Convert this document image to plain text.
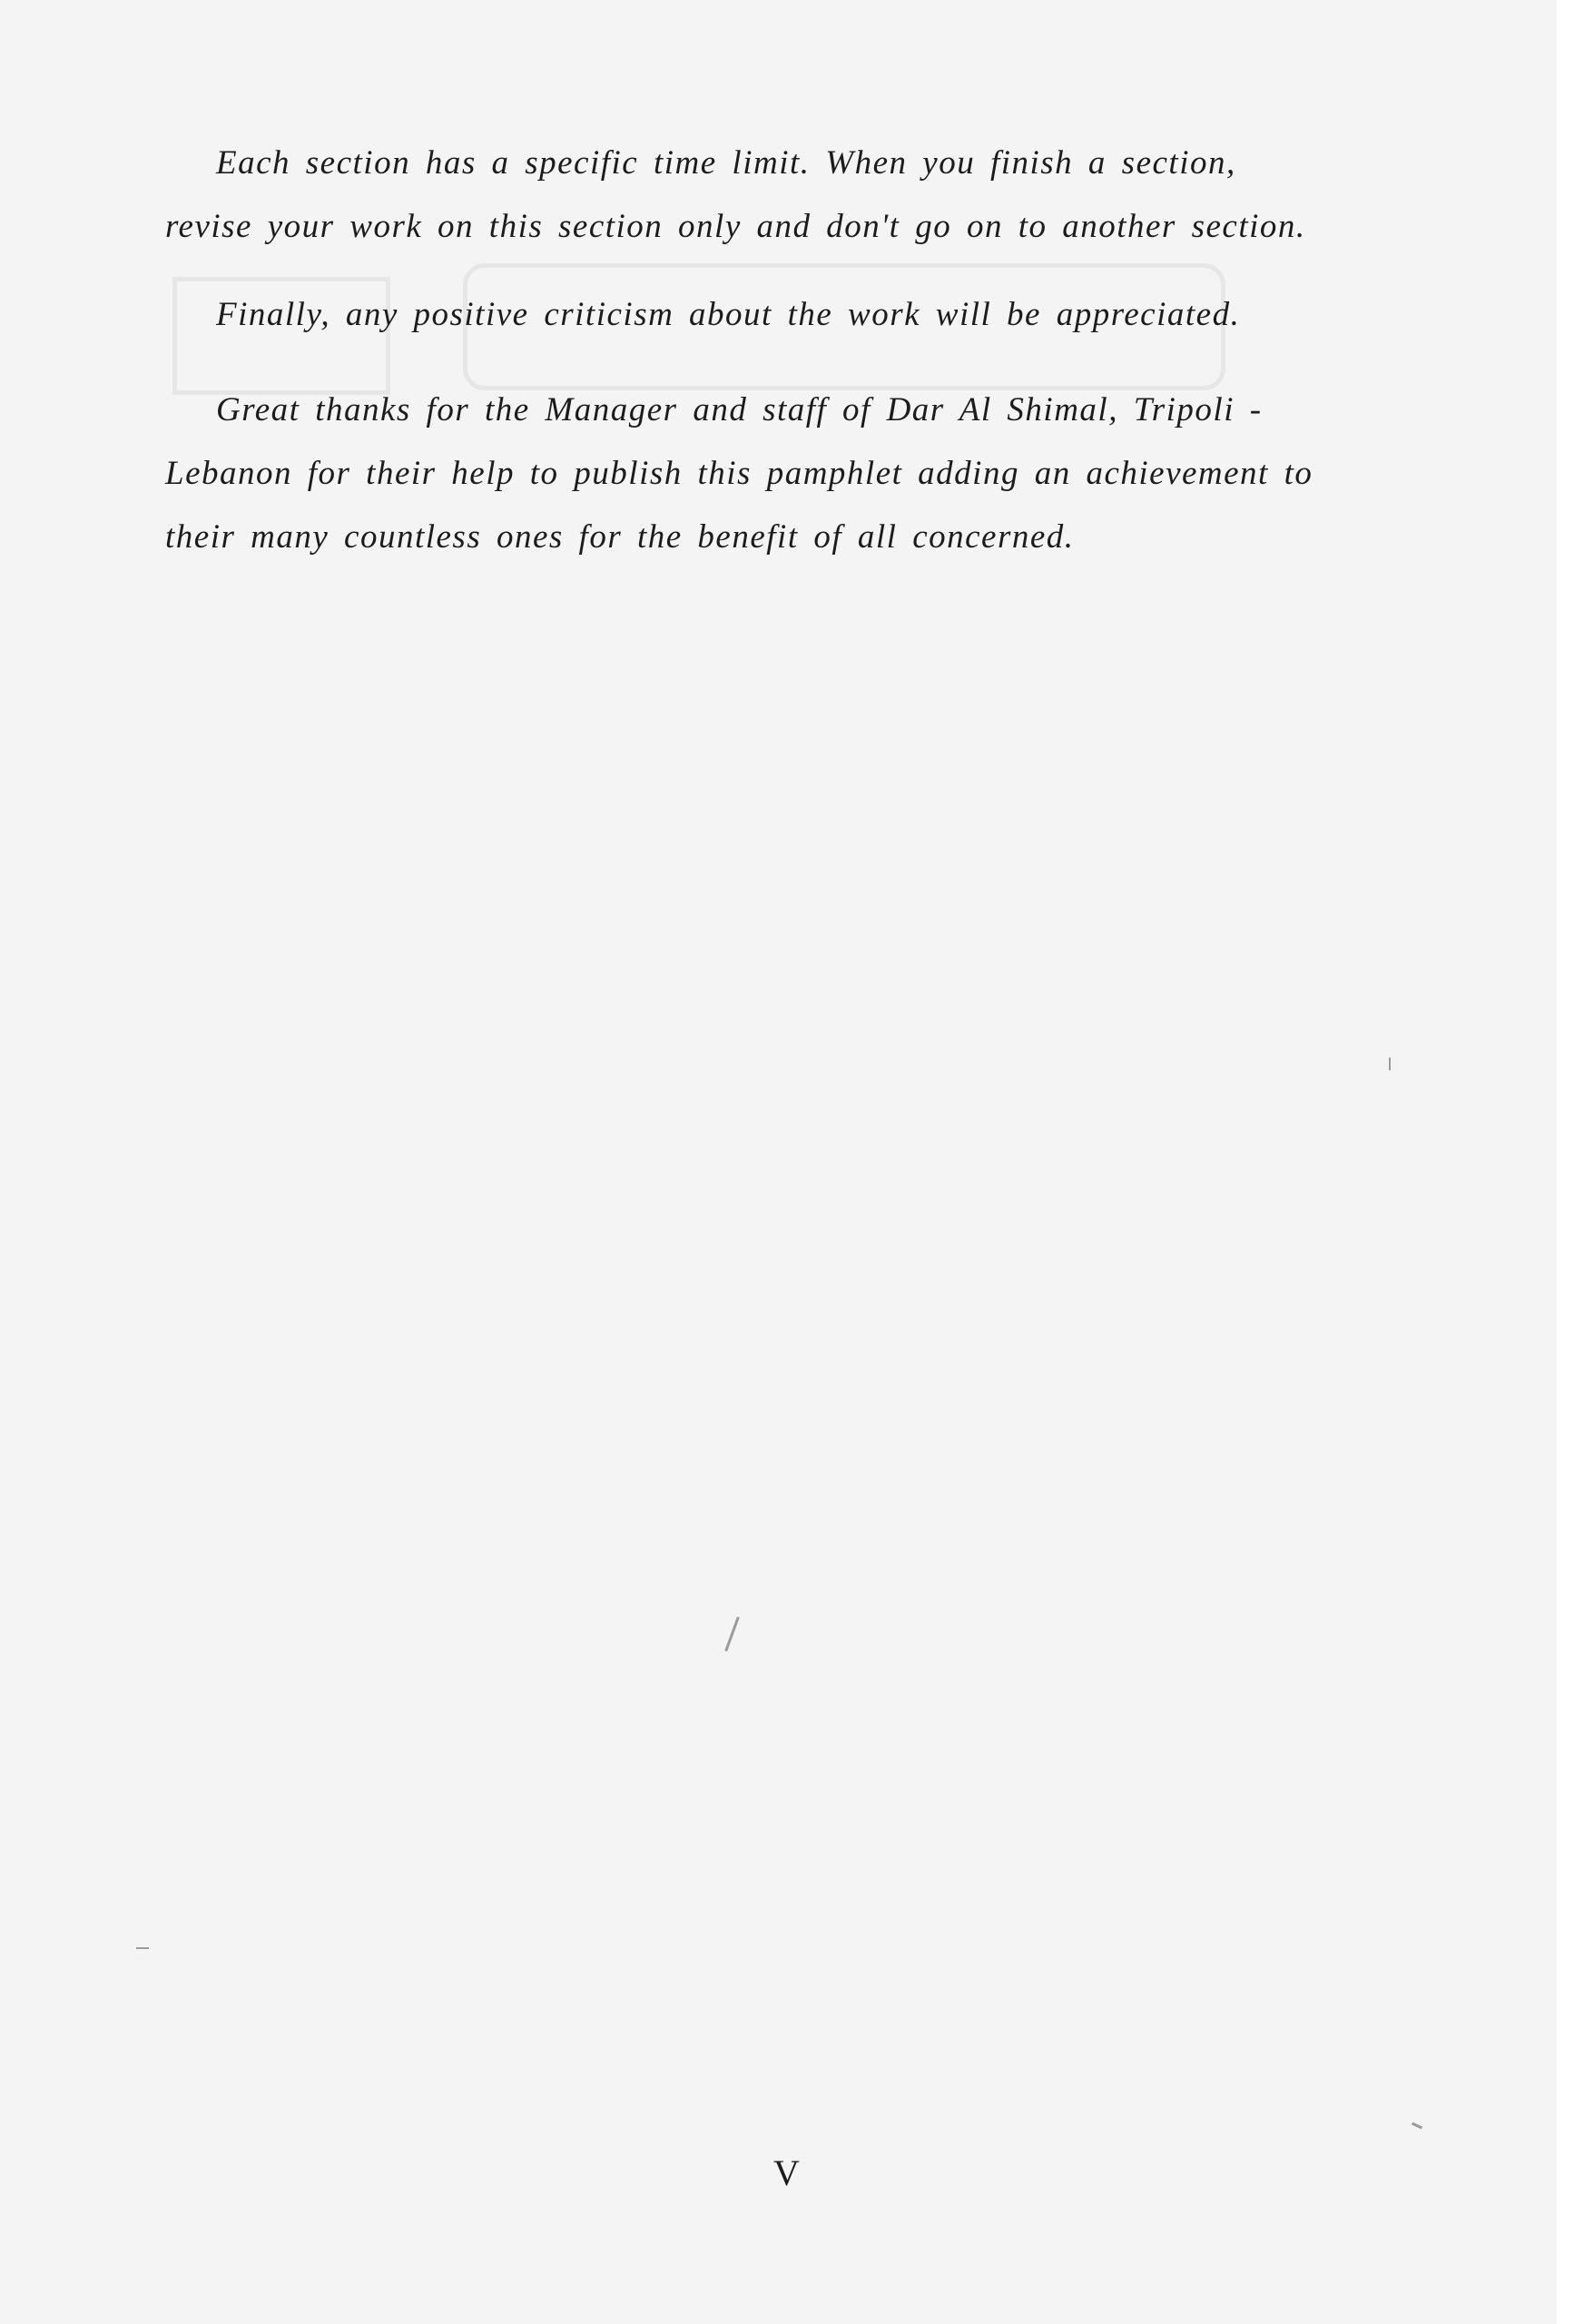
Each section has a specific time limit. When you finish a section,
revise your work on this section only and don't go on to another section.
Finally, any positive criticism about the work will be appreciated.
Great thanks for the Manager and staff of Dar Al Shimal, Tripoli -
Lebanon for their help to publish this pamphlet adding an achievement to
their many countless ones for the benefit of all concerned.
V
